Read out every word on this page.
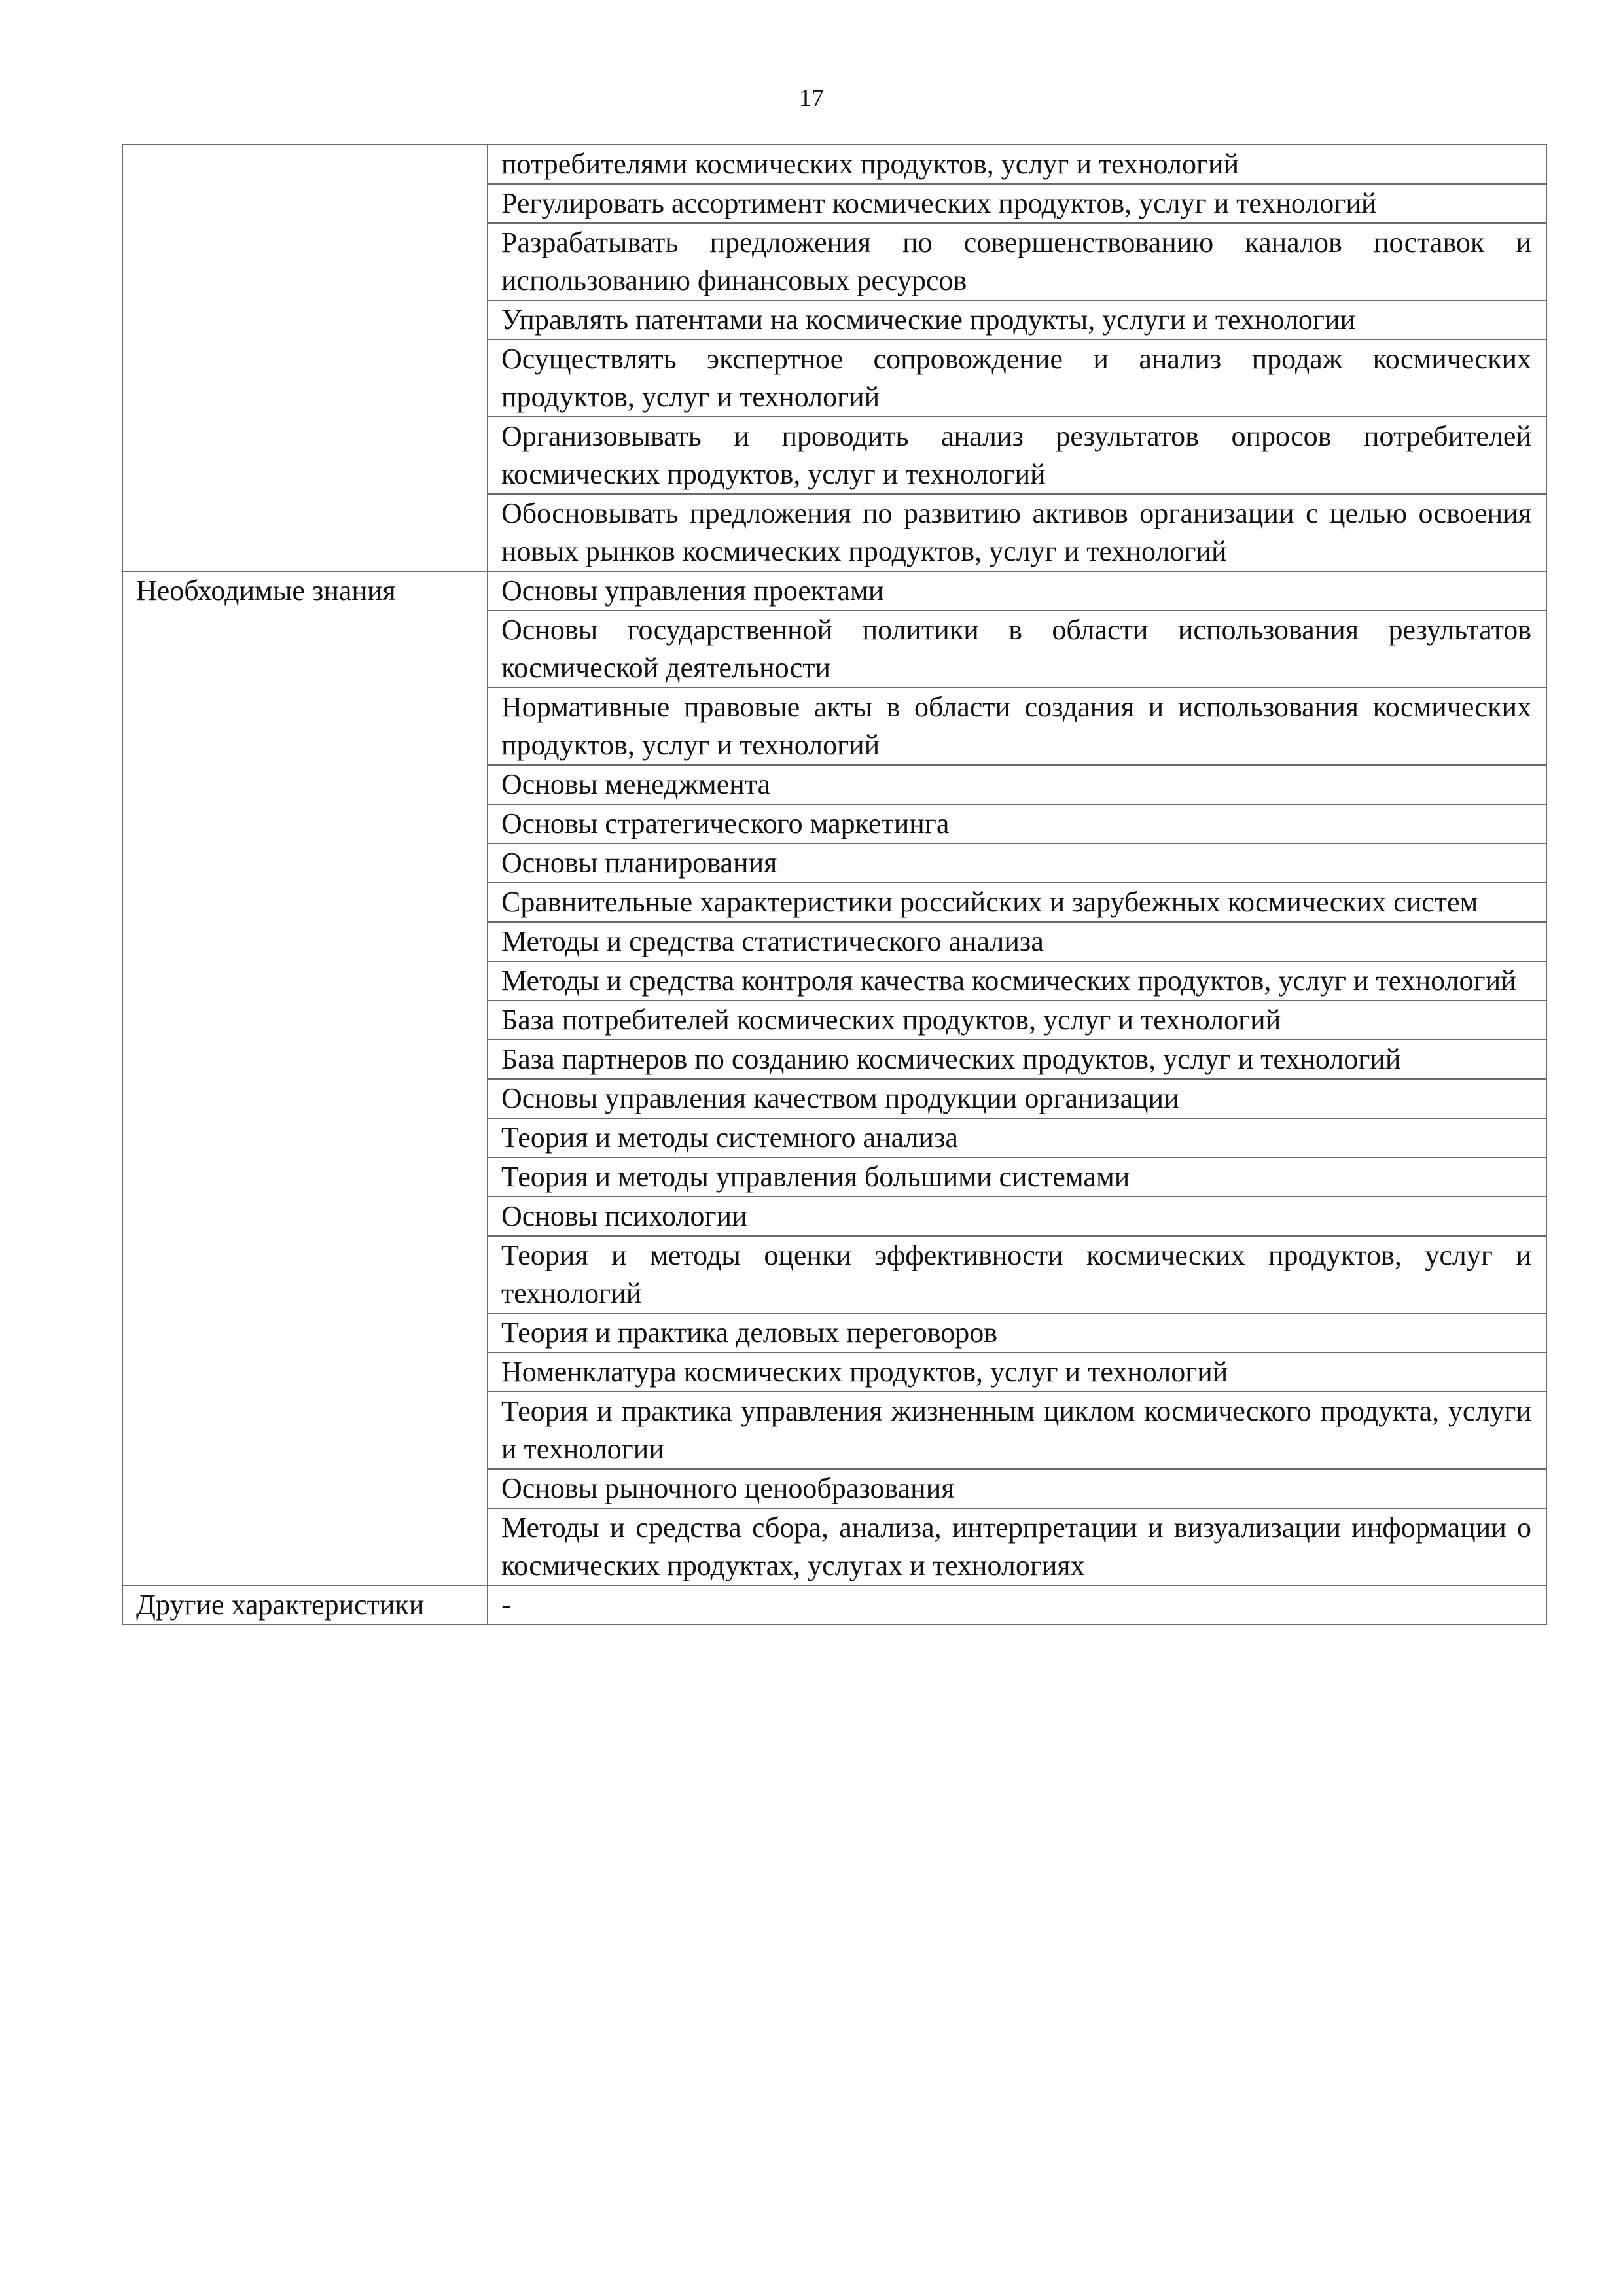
17
	потребителями космических продуктов, услуг и технологий
	Регулировать ассортимент космических продуктов, услуг и технологий
	Разрабатывать предложения по совершенствованию каналов поставок и использованию финансовых ресурсов
	Управлять патентами на космические продукты, услуги и технологии
	Осуществлять экспертное сопровождение и анализ продаж космических продуктов, услуг и технологий
	Организовывать и проводить анализ результатов опросов потребителей космических продуктов, услуг и технологий
	Обосновывать предложения по развитию активов организации с целью освоения новых рынков космических продуктов, услуг и технологий
Необходимые знания	Основы управления проектами
	Основы государственной политики в области использования результатов космической деятельности
	Нормативные правовые акты в области создания и использования космических продуктов, услуг и технологий
	Основы менеджмента
	Основы стратегического маркетинга
	Основы планирования
	Сравнительные характеристики российских и зарубежных космических систем
	Методы и средства статистического анализа
	Методы и средства контроля качества космических продуктов, услуг и технологий
	База потребителей космических продуктов, услуг и технологий
	База партнеров по созданию космических продуктов, услуг и технологий
	Основы управления качеством продукции организации
	Теория и методы системного анализа
	Теория и методы управления большими системами
	Основы психологии
	Теория и методы оценки эффективности космических продуктов, услуг и технологий
	Теория и практика деловых переговоров
	Номенклатура космических продуктов, услуг и технологий
	Теория и практика управления жизненным циклом космического продукта, услуги и технологии
	Основы рыночного ценообразования
	Методы и средства сбора, анализа, интерпретации и визуализации информации о космических продуктах, услугах и технологиях
Другие характеристики	-
